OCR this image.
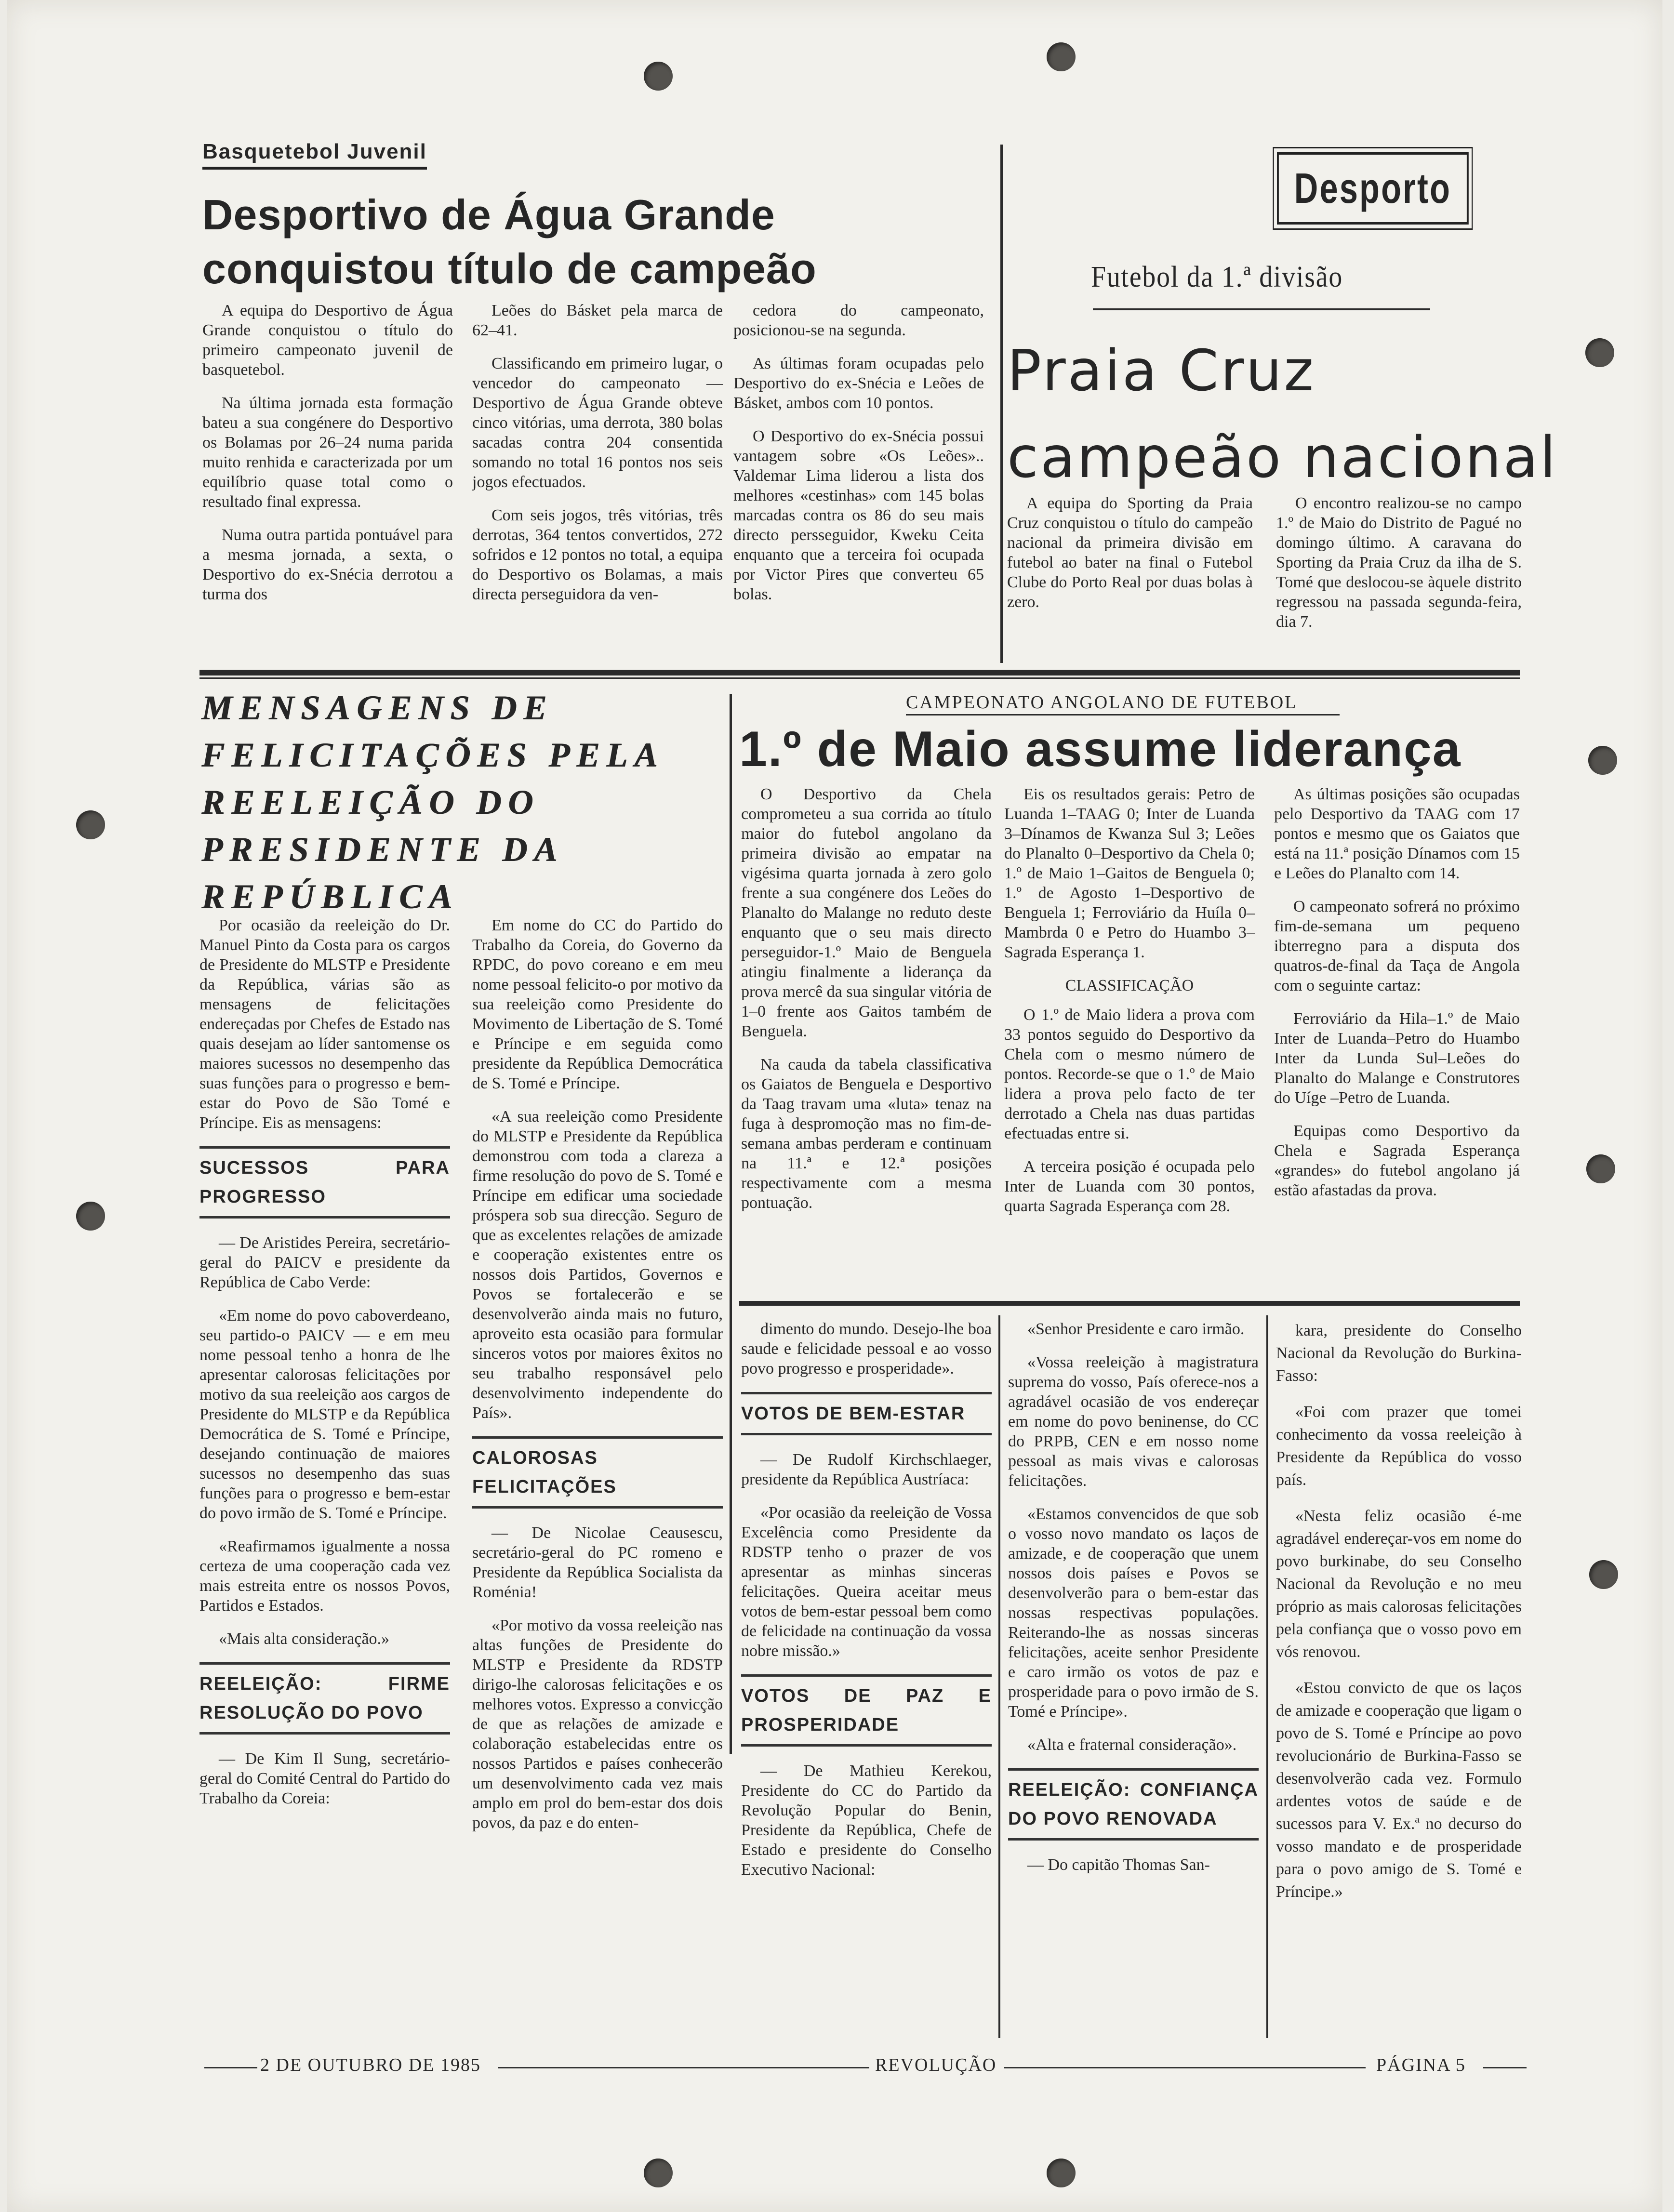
Basquetebol Juvenil
Desportivo de Água Grande
conquistou título de campeão

A equipa do Desportivo de Água Grande conquistou o título do primeiro campeonato juvenil de basquetebol.

Na última jornada esta formação bateu a sua congénere do Desportivo os Bolamas por 26–24 numa parida muito renhida e caracterizada por um equilíbrio quase total como o resultado final expressa.

Numa outra partida pontuável para a mesma jornada, a sexta, o Desportivo do ex-Snécia derrotou a turma dos

Leões do Básket pela marca de 62–41.

Classificando em primeiro lugar, o vencedor do campeonato — Desportivo de Água Grande obteve cinco vitórias, uma derrota, 380 bolas sacadas contra 204 consentida somando no total 16 pontos nos seis jogos efectuados.

Com seis jogos, três vitórias, três derrotas, 364 tentos convertidos, 272 sofridos e 12 pontos no total, a equipa do Desportivo os Bolamas, a mais directa perseguidora da ven-

cedora do campeonato, posicionou-se na segunda.

As últimas foram ocupadas pelo Desportivo do ex-Snécia e Leões de Básket, ambos com 10 pontos.

O Desportivo do ex-Snécia possui vantagem sobre «Os Leões».. Valdemar Lima liderou a lista dos melhores «cestinhas» com 145 bolas marcadas contra os 86 do seu mais directo persseguidor, Kweku Ceita enquanto que a terceira foi ocupada por Victor Pires que converteu 65 bolas.

Desporto
Futebol da 1.ª divisão
Praia Cruz
campeão nacional

A equipa do Sporting da Praia Cruz conquistou o título do campeão nacional da primeira divisão em futebol ao bater na final o Futebol Clube do Porto Real por duas bolas à zero.

O encontro realizou-se no campo 1.º de Maio do Distrito de Pagué no domingo último. A caravana do Sporting da Praia Cruz da ilha de S. Tomé que deslocou-se àquele distrito regressou na passada segunda-feira, dia 7.

MENSAGENS DE
FELICITAÇÕES PELA
REELEIÇÃO DO
PRESIDENTE DA
REPÚBLICA

Por ocasião da reeleição do Dr. Manuel Pinto da Costa para os cargos de Presidente do MLSTP e Presidente da República, várias são as mensagens de felicitações endereçadas por Chefes de Estado nas quais desejam ao líder santomense os maiores sucessos no desempenho das suas funções para o progresso e bem-estar do Povo de São Tomé e Príncipe. Eis as mensagens:

SUCESSOS PARA PROGRESSO

— De Aristides Pereira, secretário-geral do PAICV e presidente da República de Cabo Verde:

«Em nome do povo caboverdeano, seu partido-o PAICV — e em meu nome pessoal tenho a honra de lhe apresentar calorosas felicitações por motivo da sua reeleição aos cargos de Presidente do MLSTP e da República Democrática de S. Tomé e Príncipe, desejando continuação de maiores sucessos no desempenho das suas funções para o progresso e bem-estar do povo irmão de S. Tomé e Príncipe.

«Reafirmamos igualmente a nossa certeza de uma cooperação cada vez mais estreita entre os nossos Povos, Partidos e Estados.

«Mais alta consideração.»

REELEIÇÃO: FIRME RESOLUÇÃO DO POVO

— De Kim Il Sung, secretário-geral do Comité Central do Partido do Trabalho da Coreia:

Em nome do CC do Partido do Trabalho da Coreia, do Governo da RPDC, do povo coreano e em meu nome pessoal felicito-o por motivo da sua reeleição como Presidente do Movimento de Libertação de S. Tomé e Príncipe e em seguida como presidente da República Democrática de S. Tomé e Príncipe.

«A sua reeleição como Presidente do MLSTP e Presidente da República demonstrou com toda a clareza a firme resolução do povo de S. Tomé e Príncipe em edificar uma sociedade próspera sob sua direcção. Seguro de que as excelentes relações de amizade e cooperação existentes entre os nossos dois Partidos, Governos e Povos se fortalecerão e se desenvolverão ainda mais no futuro, aproveito esta ocasião para formular sinceros votos por maiores êxitos no seu trabalho responsável pelo desenvolvimento independente do País».

CALOROSAS FELICITAÇÕES

— De Nicolae Ceausescu, secretário-geral do PC romeno e Presidente da República Socialista da Roménia!

«Por motivo da vossa reeleição nas altas funções de Presidente do MLSTP e Presidente da RDSTP dirigo-lhe calorosas felicitações e os melhores votos. Expresso a convicção de que as relações de amizade e colaboração estabelecidas entre os nossos Partidos e países conhecerão um desenvolvimento cada vez mais amplo em prol do bem-estar dos dois povos, da paz e do enten-

CAMPEONATO ANGOLANO DE FUTEBOL
1.º de Maio assume liderança

O Desportivo da Chela comprometeu a sua corrida ao título maior do futebol angolano da primeira divisão ao empatar na vigésima quarta jornada à zero golo frente a sua congénere dos Leões do Planalto do Malange no reduto deste enquanto que o seu mais directo perseguidor-1.º Maio de Benguela atingiu finalmente a liderança da prova mercê da sua singular vitória de 1–0 frente aos Gaitos também de Benguela.

Na cauda da tabela classificativa os Gaiatos de Benguela e Desportivo da Taag travam uma «luta» tenaz na fuga à despromoção mas no fim-de-semana ambas perderam e continuam na 11.ª e 12.ª posições respectivamente com a mesma pontuação.

Eis os resultados gerais: Petro de Luanda 1–TAAG 0; Inter de Luanda 3–Dínamos de Kwanza Sul 3; Leões do Planalto 0–Desportivo da Chela 0; 1.º de Maio 1–Gaitos de Benguela 0; 1.º de Agosto 1–Desportivo de Benguela 1; Ferroviário da Huíla 0–Mambrda 0 e Petro do Huambo 3–Sagrada Esperança 1.

CLASSIFICAÇÃO

O 1.º de Maio lidera a prova com 33 pontos seguido do Desportivo da Chela com o mesmo número de pontos. Recorde-se que o 1.º de Maio lidera a prova pelo facto de ter derrotado a Chela nas duas partidas efectuadas entre si.

A terceira posição é ocupada pelo Inter de Luanda com 30 pontos, quarta Sagrada Esperança com 28.

As últimas posições são ocupadas pelo Desportivo da TAAG com 17 pontos e mesmo que os Gaiatos que está na 11.ª posição Dínamos com 15 e Leões do Planalto com 14.

O campeonato sofrerá no próximo fim-de-semana um pequeno ibterregno para a disputa dos quatros-de-final da Taça de Angola com o seguinte cartaz:

Ferroviário da Hila–1.º de Maio Inter de Luanda–Petro do Huambo Inter da Lunda Sul–Leões do Planalto do Malange e Construtores do Uíge –Petro de Luanda.

Equipas como Desportivo da Chela e Sagrada Esperança «grandes» do futebol angolano já estão afastadas da prova.

dimento do mundo. Desejo-lhe boa saude e felicidade pessoal e ao vosso povo progresso e prosperidade».

VOTOS DE BEM-ESTAR

— De Rudolf Kirchschlaeger, presidente da República Austríaca:

«Por ocasião da reeleição de Vossa Excelência como Presidente da RDSTP tenho o prazer de vos apresentar as minhas sinceras felicitações. Queira aceitar meus votos de bem-estar pessoal bem como de felicidade na continuação da vossa nobre missão.»

VOTOS DE PAZ E PROSPERIDADE

— De Mathieu Kerekou, Presidente do CC do Partido da Revolução Popular do Benin, Presidente da República, Chefe de Estado e presidente do Conselho Executivo Nacional:

«Senhor Presidente e caro irmão.

«Vossa reeleição à magistratura suprema do vosso, País oferece-nos a agradável ocasião de vos endereçar em nome do povo beninense, do CC do PRPB, CEN e em nosso nome pessoal as mais vivas e calorosas felicitações.

«Estamos convencidos de que sob o vosso novo mandato os laços de amizade, e de cooperação que unem nossos dois países e Povos se desenvolverão para o bem-estar das nossas respectivas populações. Reiterando-lhe as nossas sinceras felicitações, aceite senhor Presidente e caro irmão os votos de paz e prosperidade para o povo irmão de S. Tomé e Príncipe».

«Alta e fraternal consideração».

REELEIÇÃO: CONFIANÇA DO POVO RENOVADA

— Do capitão Thomas San-

kara, presidente do Conselho Nacional da Revolução do Burkina-Fasso:

«Foi com prazer que tomei conhecimento da vossa reeleição à Presidente da República do vosso país.

«Nesta feliz ocasião é-me agradável endereçar-vos em nome do povo burkinabe, do seu Conselho Nacional da Revolução e no meu próprio as mais calorosas felicitações pela confiança que o vosso povo em vós renovou.

«Estou convicto de que os laços de amizade e cooperação que ligam o povo de S. Tomé e Príncipe ao povo revolucionário de Burkina-Fasso se desenvolverão cada vez. Formulo ardentes votos de saúde e de sucessos para V. Ex.ª no decurso do vosso mandato e de prosperidade para o povo amigo de S. Tomé e Príncipe.»

2 DE OUTUBRO DE 1985	REVOLUÇÃO	PÁGINA 5
